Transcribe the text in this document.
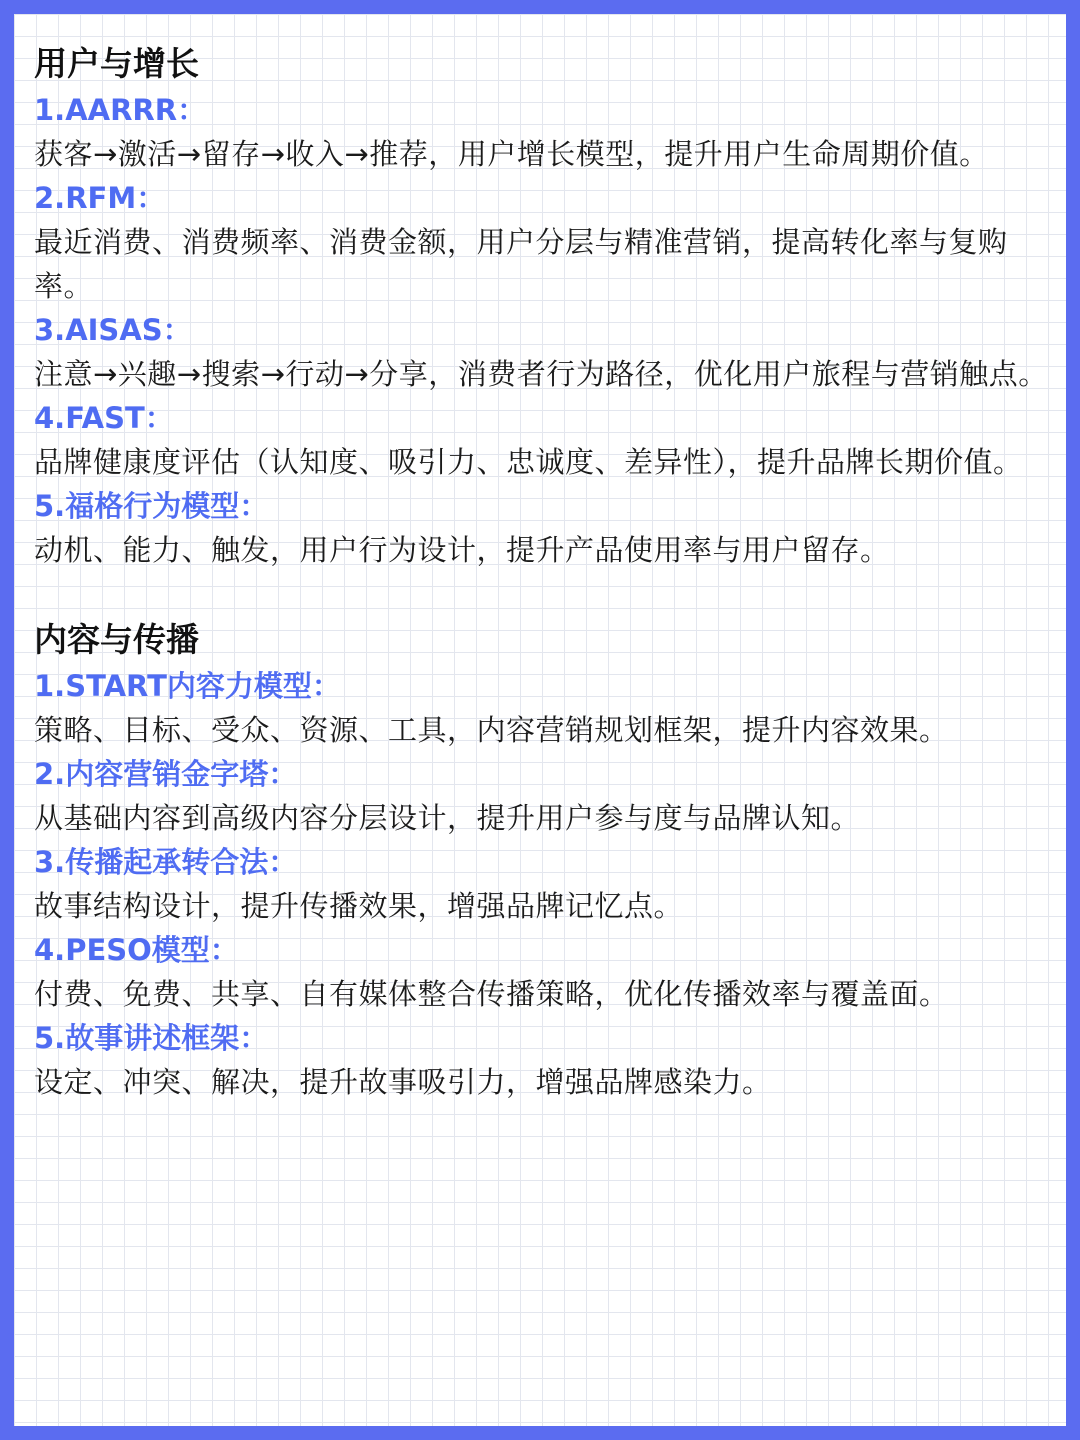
用户与增长

1.AARRR：

获客→激活→留存→收入→推荐，用户增长模型，提升用户生命周期价值。

2.RFM：

最近消费、消费频率、消费金额，用户分层与精准营销，提高转化率与复购率。

3.AISAS：

注意→兴趣→搜索→行动→分享，消费者行为路径，优化用户旅程与营销触点。

4.FAST：

品牌健康度评估（认知度、吸引力、忠诚度、差异性），提升品牌长期价值。

5.福格行为模型：

动机、能力、触发，用户行为设计，提升产品使用率与用户留存。

内容与传播

1.START内容力模型：

策略、目标、受众、资源、工具，内容营销规划框架，提升内容效果。

2.内容营销金字塔：

从基础内容到高级内容分层设计，提升用户参与度与品牌认知。

3.传播起承转合法：

故事结构设计，提升传播效果，增强品牌记忆点。

4.PESO模型：

付费、免费、共享、自有媒体整合传播策略，优化传播效率与覆盖面。

5.故事讲述框架：

设定、冲突、解决，提升故事吸引力，增强品牌感染力。
